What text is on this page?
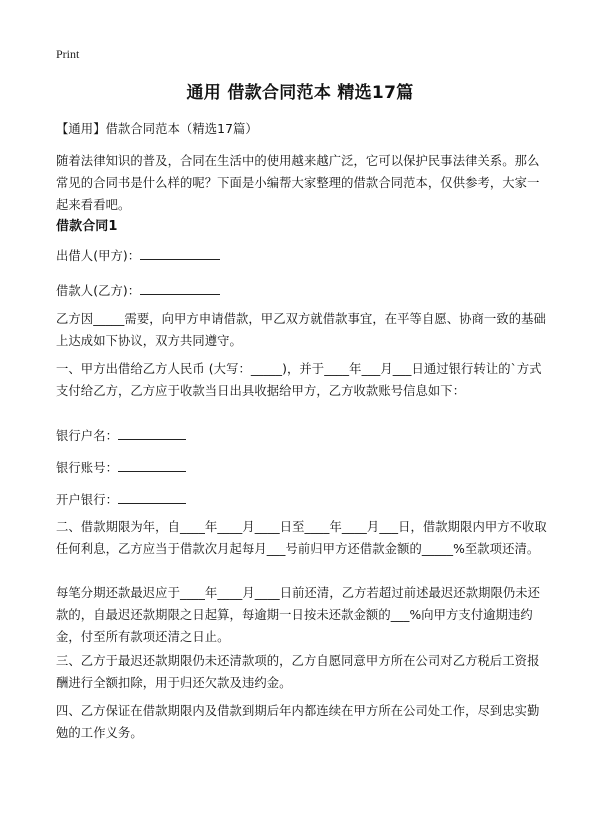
Print
通用 借款合同范本 精选17篇
【通用】借款合同范本（精选17篇）
随着法律知识的普及，合同在生活中的使用越来越广泛，它可以保护民事法律关系。那么常见的合同书是什么样的呢？下面是小编帮大家整理的借款合同范本，仅供参考，大家一起来看看吧。
借款合同1
出借人(甲方)：
借款人(乙方)：
乙方因_____需要，向甲方申请借款，甲乙双方就借款事宜，在平等自愿、协商一致的基础上达成如下协议，双方共同遵守。
一、甲方出借给乙方人民币 (大写：_____)，并于____年___月___日通过银行转让的`方式支付给乙方，乙方应于收款当日出具收据给甲方，乙方收款账号信息如下：
银行户名：
银行账号：
开户银行：
二、借款期限为年，自____年____月____日至____年____月___日，借款期限内甲方不收取任何利息，乙方应当于借款次月起每月___号前归甲方还借款金额的_____%至款项还清。
每笔分期还款最迟应于____年____月____日前还清，乙方若超过前述最迟还款期限仍未还款的，自最迟还款期限之日起算，每逾期一日按未还款金额的___%向甲方支付逾期违约金，付至所有款项还清之日止。
三、乙方于最迟还款期限仍未还清款项的，乙方自愿同意甲方所在公司对乙方税后工资报酬进行全额扣除，用于归还欠款及违约金。
四、乙方保证在借款期限内及借款到期后年内都连续在甲方所在公司处工作，尽到忠实勤勉的工作义务。
